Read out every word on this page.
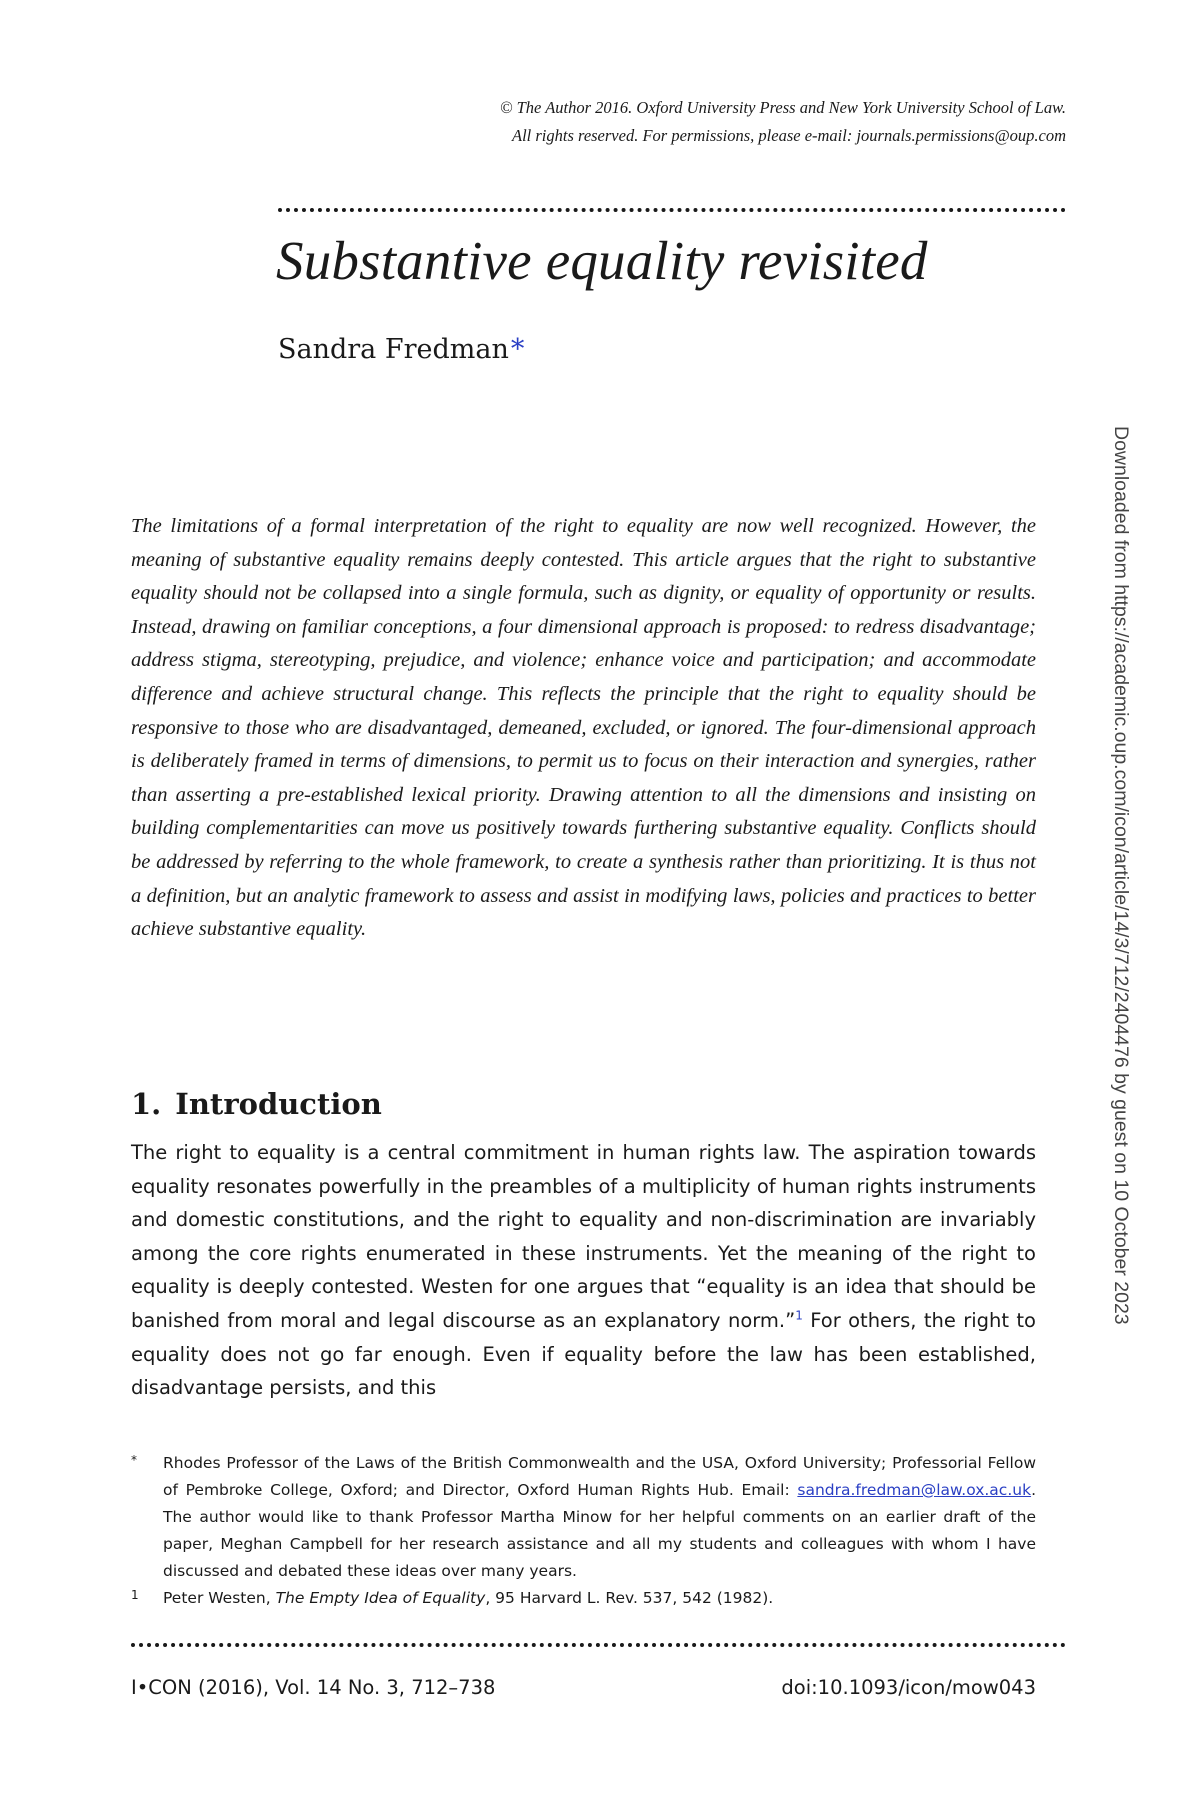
© The Author 2016. Oxford University Press and New York University School of Law.
All rights reserved. For permissions, please e-mail: journals.permissions@oup.com
Substantive equality revisited
Sandra Fredman*
Downloaded from https://academic.oup.com/icon/article/14/3/712/2404476 by guest on 10 October 2023
The limitations of a formal interpretation of the right to equality are now well recognized. However, the meaning of substantive equality remains deeply contested. This article argues that the right to substantive equality should not be collapsed into a single formula, such as dignity, or equality of opportunity or results. Instead, drawing on familiar conceptions, a four dimensional approach is proposed: to redress disadvantage; address stigma, stereotyping, prejudice, and violence; enhance voice and participation; and accommodate difference and achieve structural change. This reflects the principle that the right to equality should be responsive to those who are disadvantaged, demeaned, excluded, or ignored. The four-dimensional approach is deliberately framed in terms of dimensions, to permit us to focus on their interaction and synergies, rather than asserting a pre-established lexical priority. Drawing attention to all the dimensions and insisting on building complementarities can move us positively towards furthering substantive equality. Conflicts should be addressed by referring to the whole framework, to create a synthesis rather than prioritizing. It is thus not a definition, but an analytic framework to assess and assist in modifying laws, policies and practices to better achieve substantive equality.
1. Introduction
The right to equality is a central commitment in human rights law. The aspiration towards equality resonates powerfully in the preambles of a multiplicity of human rights instruments and domestic constitutions, and the right to equality and non-discrimination are invariably among the core rights enumerated in these instruments. Yet the meaning of the right to equality is deeply contested. Westen for one argues that “equality is an idea that should be banished from moral and legal discourse as an explanatory norm.”$^1$ For others, the right to equality does not go far enough. Even if equality before the law has been established, disadvantage persists, and this
*	Rhodes Professor of the Laws of the British Commonwealth and the USA, Oxford University; Professorial Fellow of Pembroke College, Oxford; and Director, Oxford Human Rights Hub. Email: sandra.fredman@law.ox.ac.uk. The author would like to thank Professor Martha Minow for her helpful comments on an earlier draft of the paper, Meghan Campbell for her research assistance and all my students and colleagues with whom I have discussed and debated these ideas over many years.
1	Peter Westen, The Empty Idea of Equality, 95 Harvard L. Rev. 537, 542 (1982).
I•CON (2016), Vol. 14 No. 3, 712–738	doi:10.1093/icon/mow043
